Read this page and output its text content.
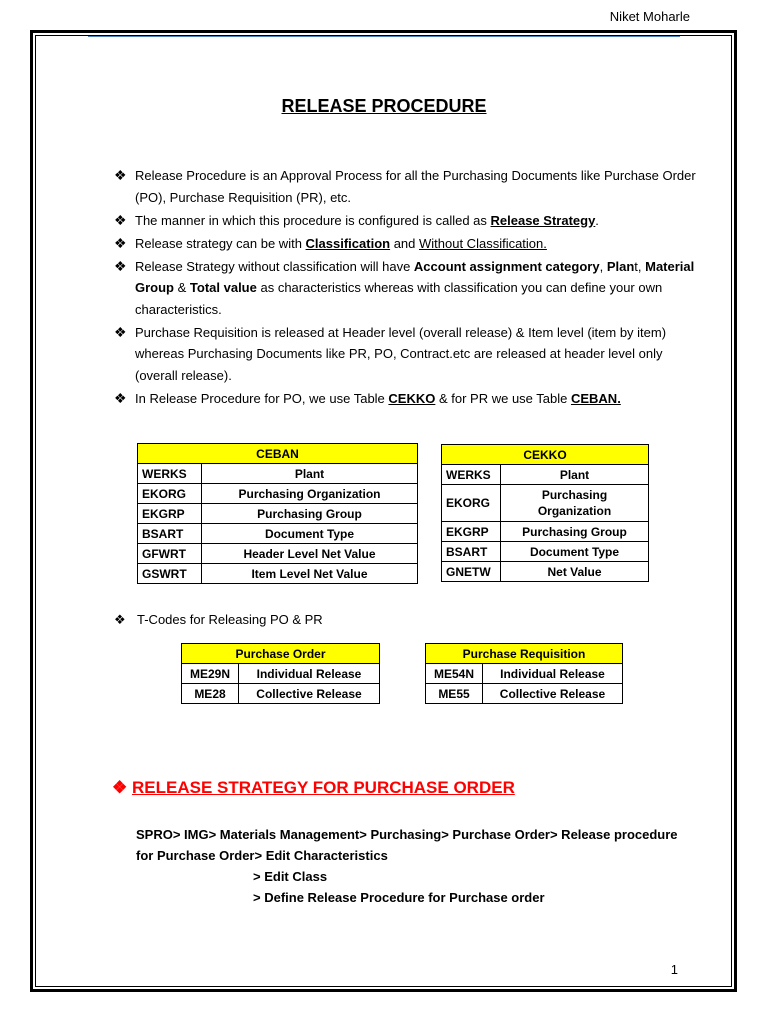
Niket Moharle
RELEASE PROCEDURE
❖ Release Procedure is an Approval Process for all the Purchasing Documents like Purchase Order (PO), Purchase Requisition (PR), etc.
❖ The manner in which this procedure is configured is called as Release Strategy.
❖ Release strategy can be with Classification and Without Classification.
❖ Release Strategy without classification will have Account assignment category, Plant, Material Group & Total value as characteristics whereas with classification you can define your own characteristics.
❖ Purchase Requisition is released at Header level (overall release) & Item level (item by item) whereas Purchasing Documents like PR, PO, Contract.etc are released at header level only (overall release).
❖ In Release Procedure for PO, we use Table CEKKO & for PR we use Table CEBAN.
CEBAN	
WERKS	Plant
EKORG	Purchasing Organization
EKGRP	Purchasing Group
BSART	Document Type
GFWRT	Header Level Net Value
GSWRT	Item Level Net Value
CEKKO	
WERKS	Plant
EKORG	Purchasing Organization
EKGRP	Purchasing Group
BSART	Document Type
GNETW	Net Value
❖ T-Codes for Releasing PO & PR
Purchase Order	
ME29N	Individual Release
ME28	Collective Release
Purchase Requisition	
ME54N	Individual Release
ME55	Collective Release
❖ RELEASE STRATEGY FOR PURCHASE ORDER
SPRO> IMG> Materials Management> Purchasing> Purchase Order> Release procedure for Purchase Order> Edit Characteristics
> Edit Class
> Define Release Procedure for Purchase order
1
